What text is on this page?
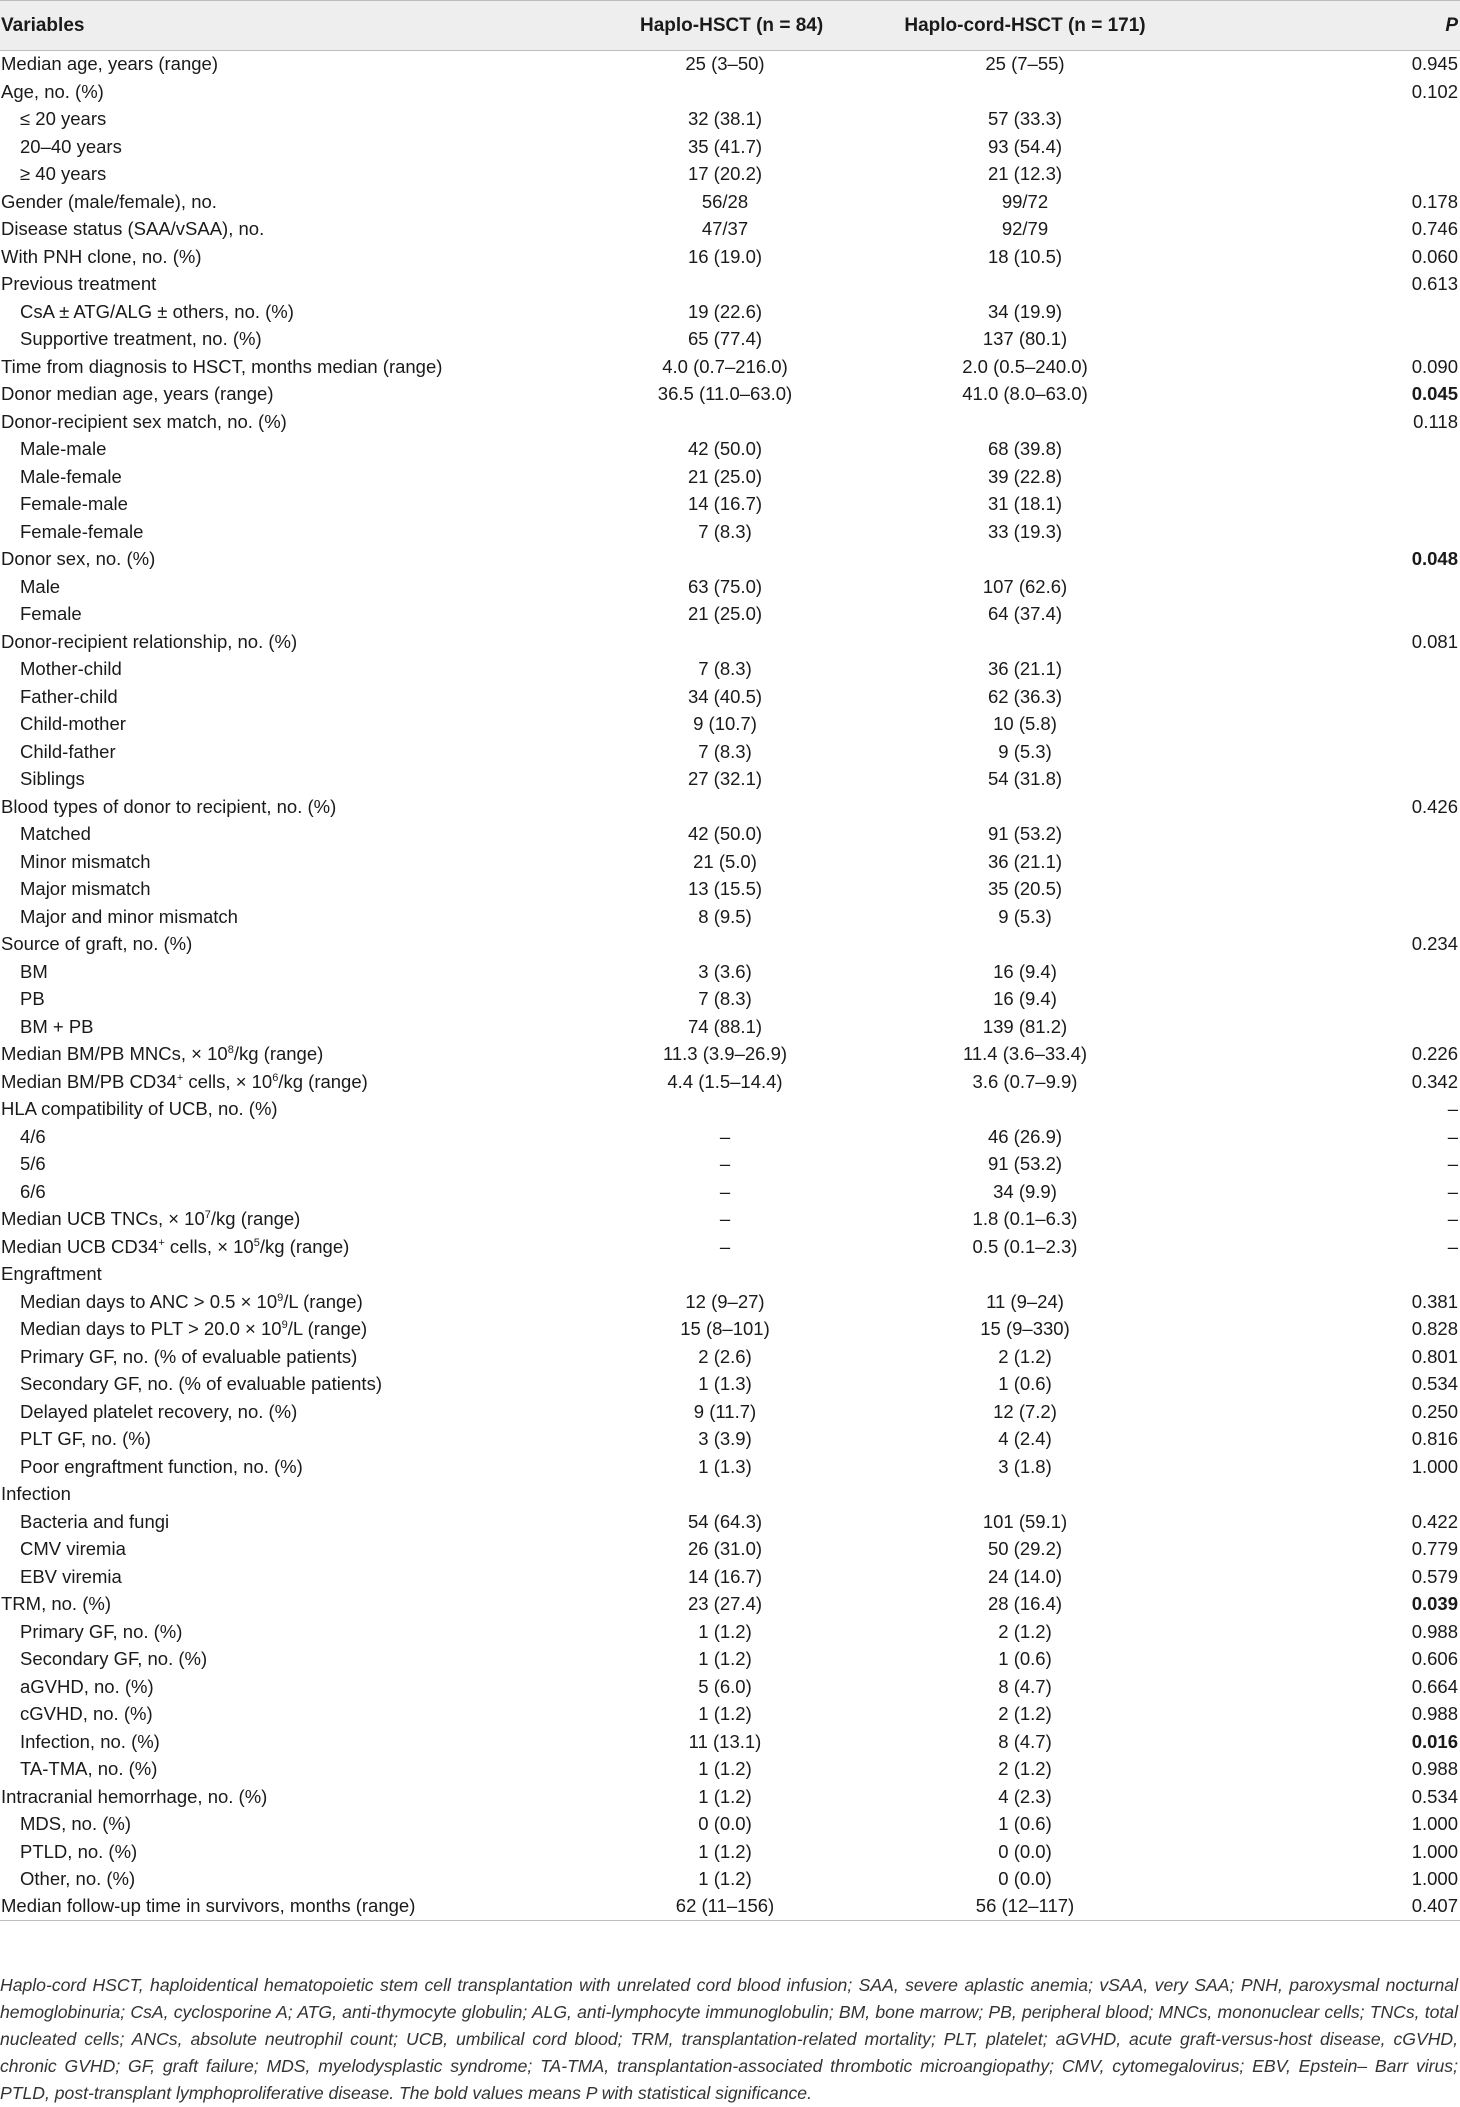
Variables	Haplo-HSCT (n = 84)	Haplo-cord-HSCT (n = 171)	P
Median age, years (range)	25 (3–50)	25 (7–55)	0.945
Age, no. (%)			0.102
≤ 20 years	32 (38.1)	57 (33.3)	
20–40 years	35 (41.7)	93 (54.4)	
≥ 40 years	17 (20.2)	21 (12.3)	
Gender (male/female), no.	56/28	99/72	0.178
Disease status (SAA/vSAA), no.	47/37	92/79	0.746
With PNH clone, no. (%)	16 (19.0)	18 (10.5)	0.060
Previous treatment			0.613
CsA ± ATG/ALG ± others, no. (%)	19 (22.6)	34 (19.9)	
Supportive treatment, no. (%)	65 (77.4)	137 (80.1)	
Time from diagnosis to HSCT, months median (range)	4.0 (0.7–216.0)	2.0 (0.5–240.0)	0.090
Donor median age, years (range)	36.5 (11.0–63.0)	41.0 (8.0–63.0)	0.045
Donor-recipient sex match, no. (%)			0.118
Male-male	42 (50.0)	68 (39.8)	
Male-female	21 (25.0)	39 (22.8)	
Female-male	14 (16.7)	31 (18.1)	
Female-female	7 (8.3)	33 (19.3)	
Donor sex, no. (%)			0.048
Male	63 (75.0)	107 (62.6)	
Female	21 (25.0)	64 (37.4)	
Donor-recipient relationship, no. (%)			0.081
Mother-child	7 (8.3)	36 (21.1)	
Father-child	34 (40.5)	62 (36.3)	
Child-mother	9 (10.7)	10 (5.8)	
Child-father	7 (8.3)	9 (5.3)	
Siblings	27 (32.1)	54 (31.8)	
Blood types of donor to recipient, no. (%)			0.426
Matched	42 (50.0)	91 (53.2)	
Minor mismatch	21 (5.0)	36 (21.1)	
Major mismatch	13 (15.5)	35 (20.5)	
Major and minor mismatch	8 (9.5)	9 (5.3)	
Source of graft, no. (%)			0.234
BM	3 (3.6)	16 (9.4)	
PB	7 (8.3)	16 (9.4)	
BM + PB	74 (88.1)	139 (81.2)	
Median BM/PB MNCs, × $10^8/kg$ (range)	11.3 (3.9–26.9)	11.4 (3.6–33.4)	0.226
Median BM/PB CD34+ cells, × $10^6/kg$ (range)	4.4 (1.5–14.4)	3.6 (0.7–9.9)	0.342
HLA compatibility of UCB, no. (%)			–
4/6	–	46 (26.9)	–
5/6	–	91 (53.2)	–
6/6	–	34 (9.9)	–
Median UCB TNCs, × $10^7/kg$ (range)	–	1.8 (0.1–6.3)	–
Median UCB CD34+ cells, × $10^5/kg$ (range)	–	0.5 (0.1–2.3)	–
Engraftment			
Median days to ANC > $0.5 \times 10^9/L$ (range)	12 (9–27)	11 (9–24)	0.381
Median days to PLT > $20.0 \times 10^9/L$ (range)	15 (8–101)	15 (9–330)	0.828
Primary GF, no. (% of evaluable patients)	2 (2.6)	2 (1.2)	0.801
Secondary GF, no. (% of evaluable patients)	1 (1.3)	1 (0.6)	0.534
Delayed platelet recovery, no. (%)	9 (11.7)	12 (7.2)	0.250
PLT GF, no. (%)	3 (3.9)	4 (2.4)	0.816
Poor engraftment function, no. (%)	1 (1.3)	3 (1.8)	1.000
Infection			
Bacteria and fungi	54 (64.3)	101 (59.1)	0.422
CMV viremia	26 (31.0)	50 (29.2)	0.779
EBV viremia	14 (16.7)	24 (14.0)	0.579
TRM, no. (%)	23 (27.4)	28 (16.4)	0.039
Primary GF, no. (%)	1 (1.2)	2 (1.2)	0.988
Secondary GF, no. (%)	1 (1.2)	1 (0.6)	0.606
aGVHD, no. (%)	5 (6.0)	8 (4.7)	0.664
cGVHD, no. (%)	1 (1.2)	2 (1.2)	0.988
Infection, no. (%)	11 (13.1)	8 (4.7)	0.016
TA-TMA, no. (%)	1 (1.2)	2 (1.2)	0.988
Intracranial hemorrhage, no. (%)	1 (1.2)	4 (2.3)	0.534
MDS, no. (%)	0 (0.0)	1 (0.6)	1.000
PTLD, no. (%)	1 (1.2)	0 (0.0)	1.000
Other, no. (%)	1 (1.2)	0 (0.0)	1.000
Median follow-up time in survivors, months (range)	62 (11–156)	56 (12–117)	0.407

Haplo-cord HSCT, haploidentical hematopoietic stem cell transplantation with unrelated cord blood infusion; SAA, severe aplastic anemia; vSAA, very SAA; PNH, paroxysmal nocturnal hemoglobinuria; CsA, cyclosporine A; ATG, anti-thymocyte globulin; ALG, anti-lymphocyte immunoglobulin; BM, bone marrow; PB, peripheral blood; MNCs, mononuclear cells; TNCs, total nucleated cells; ANCs, absolute neutrophil count; UCB, umbilical cord blood; TRM, transplantation-related mortality; PLT, platelet; aGVHD, acute graft-versus-host disease, cGVHD, chronic GVHD; GF, graft failure; MDS, myelodysplastic syndrome; TA-TMA, transplantation-associated thrombotic microangiopathy; CMV, cytomegalovirus; EBV, Epstein– Barr virus; PTLD, post-transplant lymphoproliferative disease. The bold values means P with statistical significance.
